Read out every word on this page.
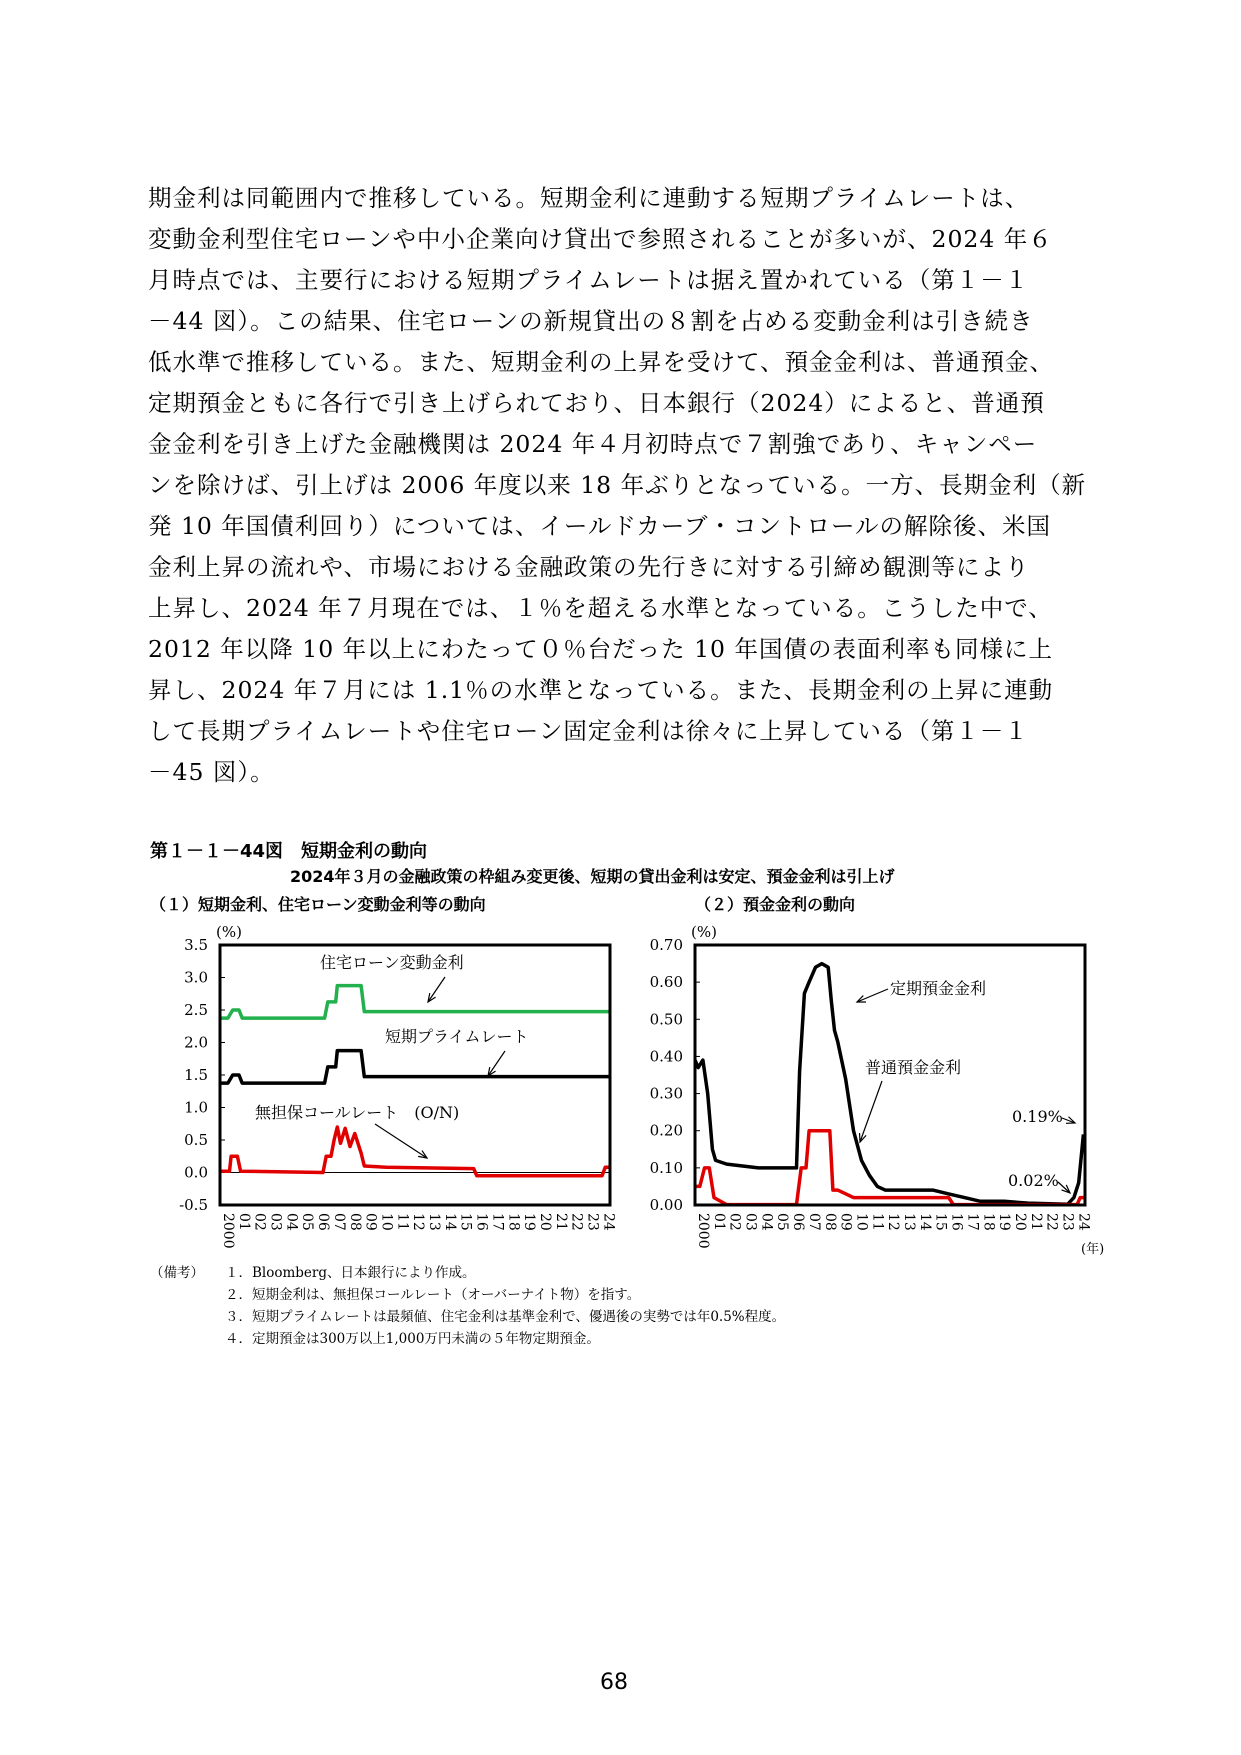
期金利は同範囲内で推移している。短期金利に連動する短期プライムレートは、
変動金利型住宅ローンや中小企業向け貸出で参照されることが多いが、2024 年６
月時点では、主要行における短期プライムレートは据え置かれている（第１－１
－44 図）。この結果、住宅ローンの新規貸出の８割を占める変動金利は引き続き
低水準で推移している。また、短期金利の上昇を受けて、預金金利は、普通預金、
定期預金ともに各行で引き上げられており、日本銀行（2024）によると、普通預
金金利を引き上げた金融機関は 2024 年４月初時点で７割強であり、キャンペー
ンを除けば、引上げは 2006 年度以来 18 年ぶりとなっている。一方、長期金利（新
発 10 年国債利回り）については、イールドカーブ・コントロールの解除後、米国
金利上昇の流れや、市場における金融政策の先行きに対する引締め観測等により
上昇し、2024 年７月現在では、１％を超える水準となっている。こうした中で、
2012 年以降 10 年以上にわたって０％台だった 10 年国債の表面利率も同様に上
昇し、2024 年７月には 1.1％の水準となっている。また、長期金利の上昇に連動
して長期プライムレートや住宅ローン固定金利は徐々に上昇している（第１－１
－45 図）。
第１－１－44図　短期金利の動向
2024年３月の金融政策の枠組み変更後、短期の貸出金利は安定、預金金利は引上げ
（１）短期金利、住宅ローン変動金利等の動向	（２）預金金利の動向
(%)
3.5
3.0
2.5
2.0
1.5
1.0
0.5
0.0
-0.5
2000 01 02 03 04 05 06 07 08 09 10 11 12 13 14 15 16 17 18 19 20 21 22 23 24
住宅ローン変動金利
短期プライムレート
無担保コールレート　(O/N)
(%)
0.70
0.60
0.50
0.40
0.30
0.20
0.10
0.00
2000 01 02 03 04 05 06 07 08 09 10 11 12 13 14 15 16 17 18 19 20 21 22 23 24
(年)
定期預金金利
普通預金金利
0.19%
0.02%
（備考） １．Bloomberg、日本銀行により作成。
２．短期金利は、無担保コールレート（オーバーナイト物）を指す。
３．短期プライムレートは最頻値、住宅金利は基準金利で、優遇後の実勢では年0.5%程度。
４．定期預金は300万以上1,000万円未満の５年物定期預金。
68
